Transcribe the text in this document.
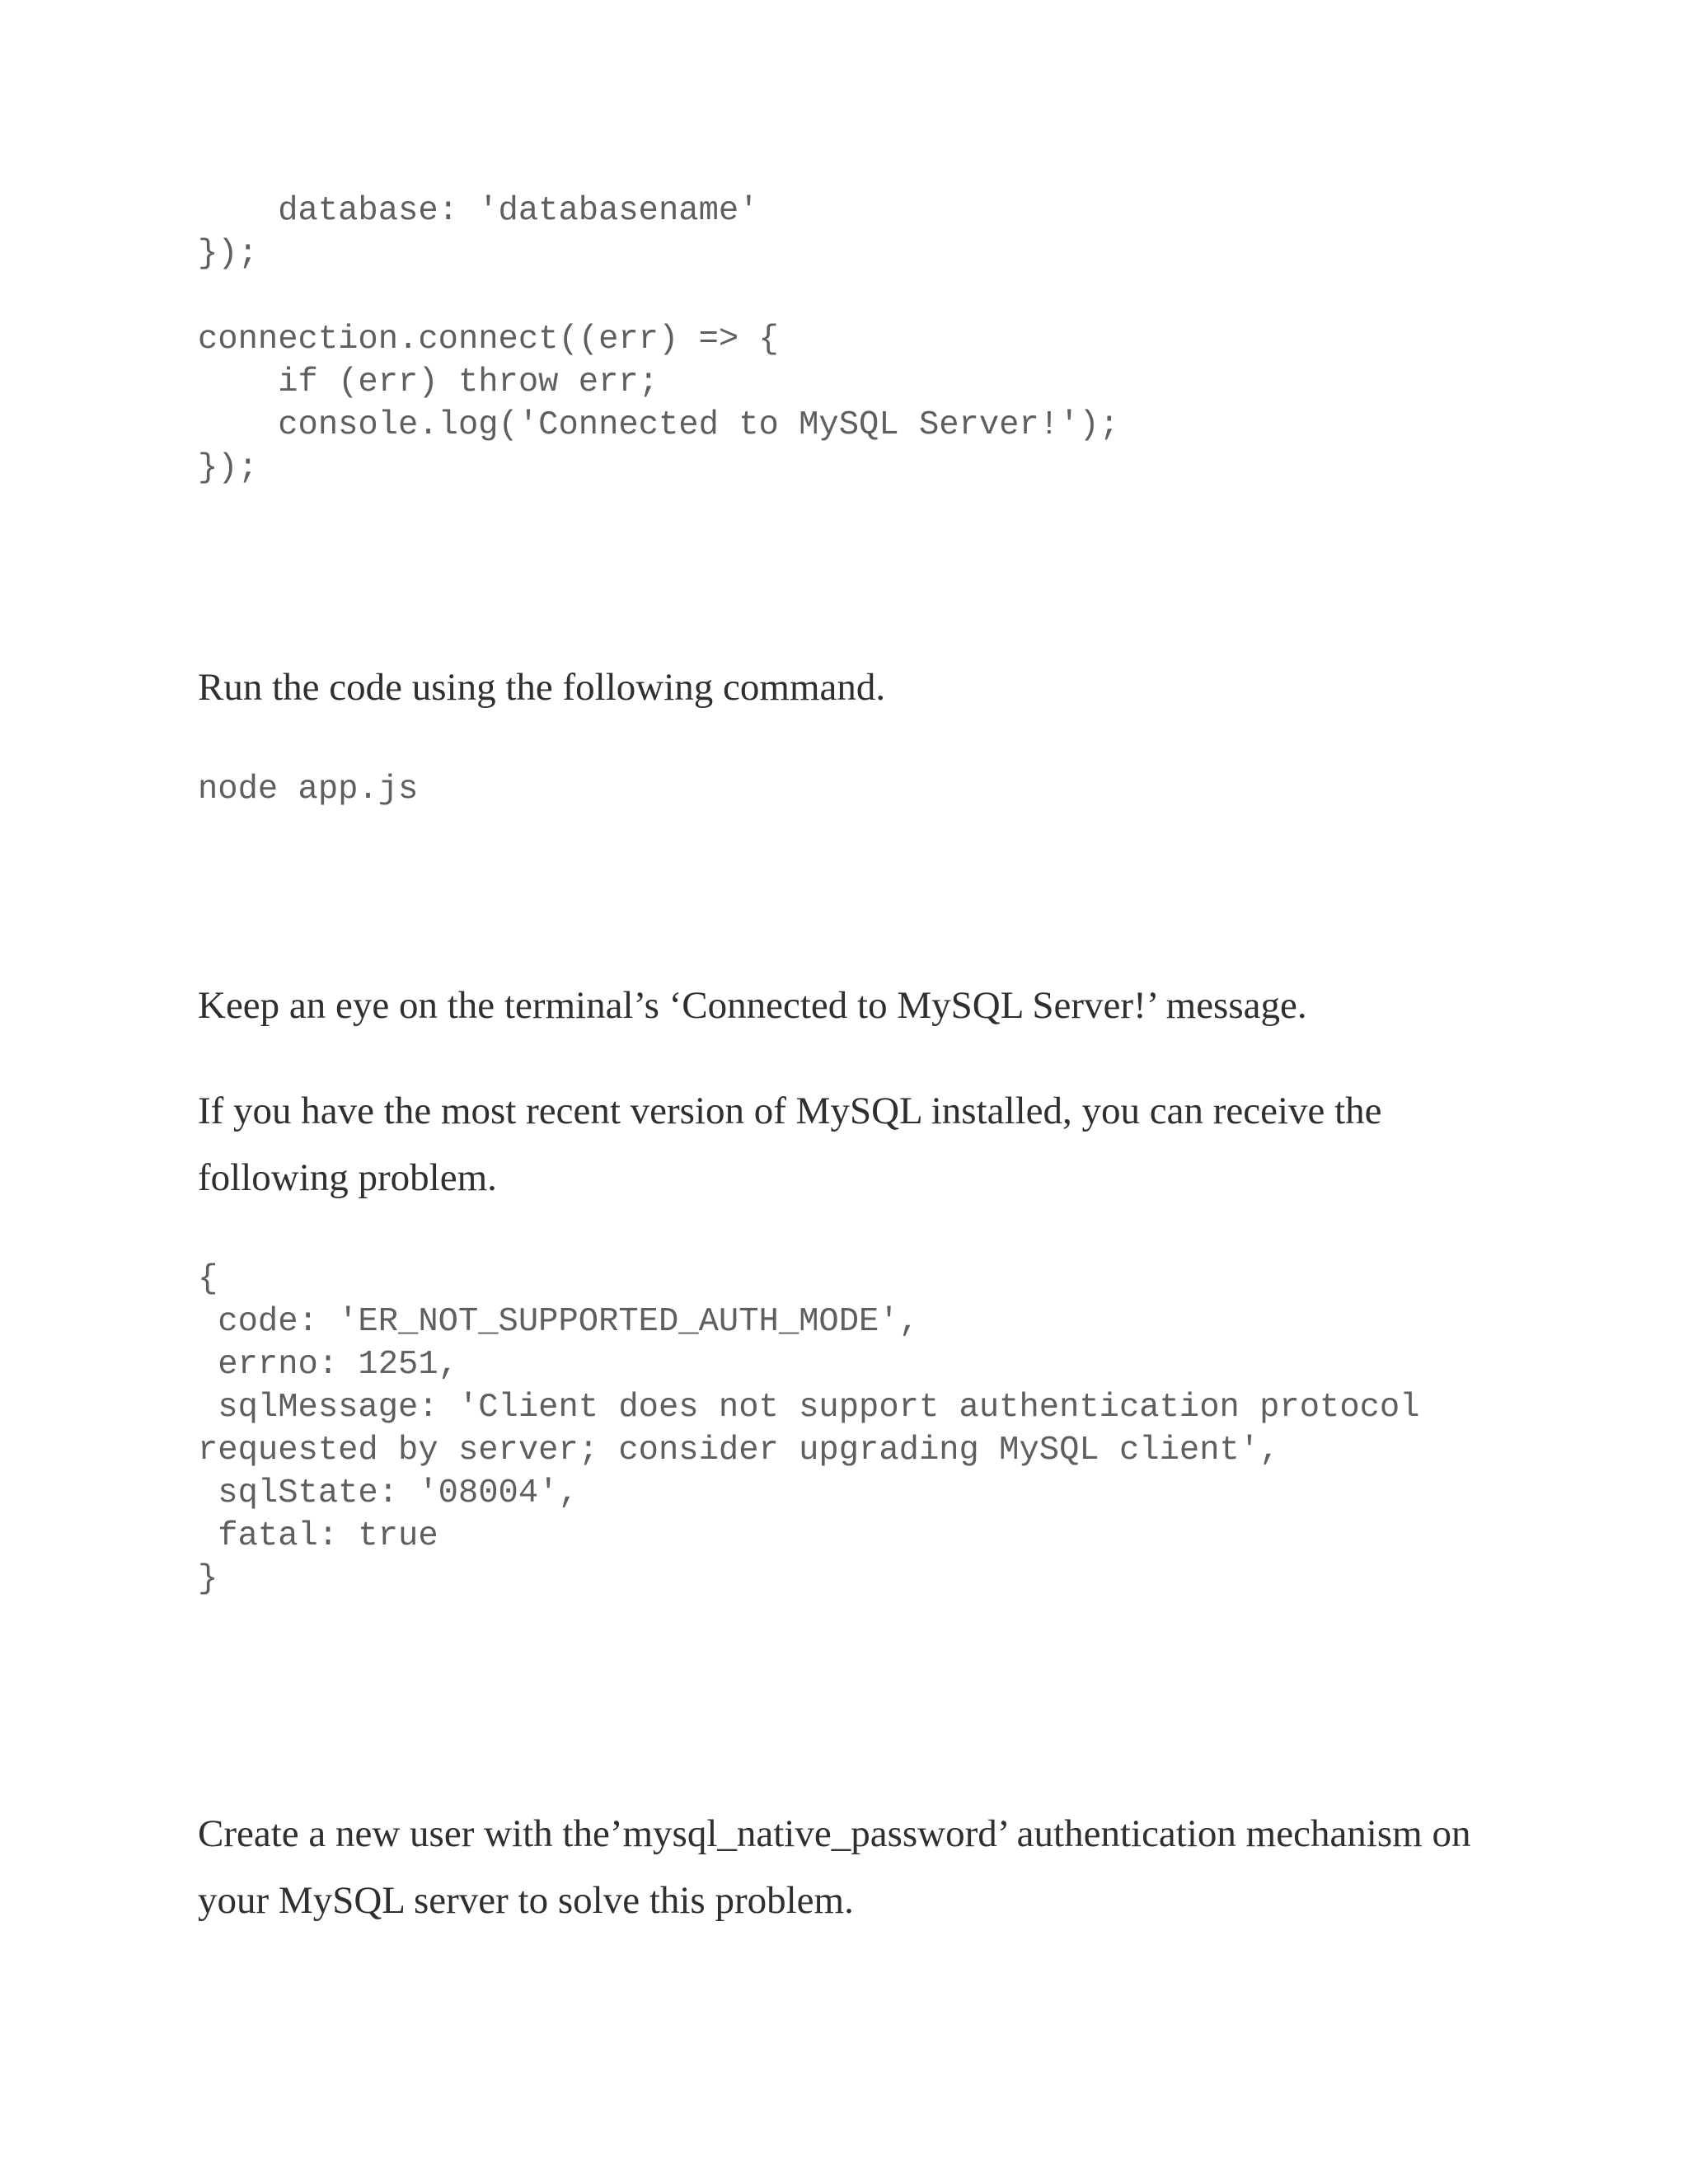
database: 'databasename'
});

connection.connect((err) => {
if (err) throw err;
console.log('Connected to MySQL Server!');
});

Run the code using the following command.

node app.js

Keep an eye on the terminal’s ‘Connected to MySQL Server!’ message.

If you have the most recent version of MySQL installed, you can receive the following problem.

{
code: 'ER_NOT_SUPPORTED_AUTH_MODE',
errno: 1251,
sqlMessage: 'Client does not support authentication protocol
requested by server; consider upgrading MySQL client',
sqlState: '08004',
fatal: true
}

Create a new user with the’mysql_native_password’ authentication mechanism on your MySQL server to solve this problem.
